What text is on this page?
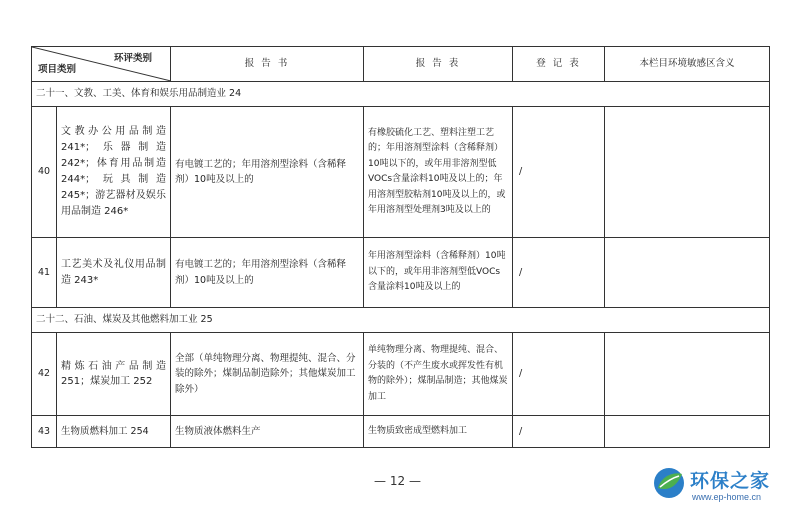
环评类别
项目类别		报 告 书	报 告 表	登 记 表	本栏目环境敏感区含义
二十一、文教、工美、体育和娱乐用品制造业 24					
40	文教办公用品制造241*；乐器制造242*；体育用品制造244*；玩具制造245*；游艺器材及娱乐用品制造 246*	有电镀工艺的；年用溶剂型涂料（含稀释剂）10吨及以上的	有橡胶硫化工艺、塑料注塑工艺的；年用溶剂型涂料（含稀释剂）10吨以下的，或年用非溶剂型低VOCs含量涂料10吨及以上的；年用溶剂型胶粘剂10吨及以上的，或年用溶剂型处理剂3吨及以上的	/	
41	工艺美术及礼仪用品制造 243*	有电镀工艺的；年用溶剂型涂料（含稀释剂）10吨及以上的	年用溶剂型涂料（含稀释剂）10吨以下的，或年用非溶剂型低VOCs含量涂料10吨及以上的	/	
二十二、石油、煤炭及其他燃料加工业 25					
42	精炼石油产品制造251；煤炭加工 252	全部（单纯物理分离、物理提纯、混合、分装的除外；煤制品制造除外；其他煤炭加工除外）	单纯物理分离、物理提纯、混合、分装的（不产生废水或挥发性有机物的除外）；煤制品制造；其他煤炭加工	/	
43	生物质燃料加工 254	生物质液体燃料生产	生物质致密成型燃料加工	/	
— 12 —	环保之家
www.ep-home.cn
